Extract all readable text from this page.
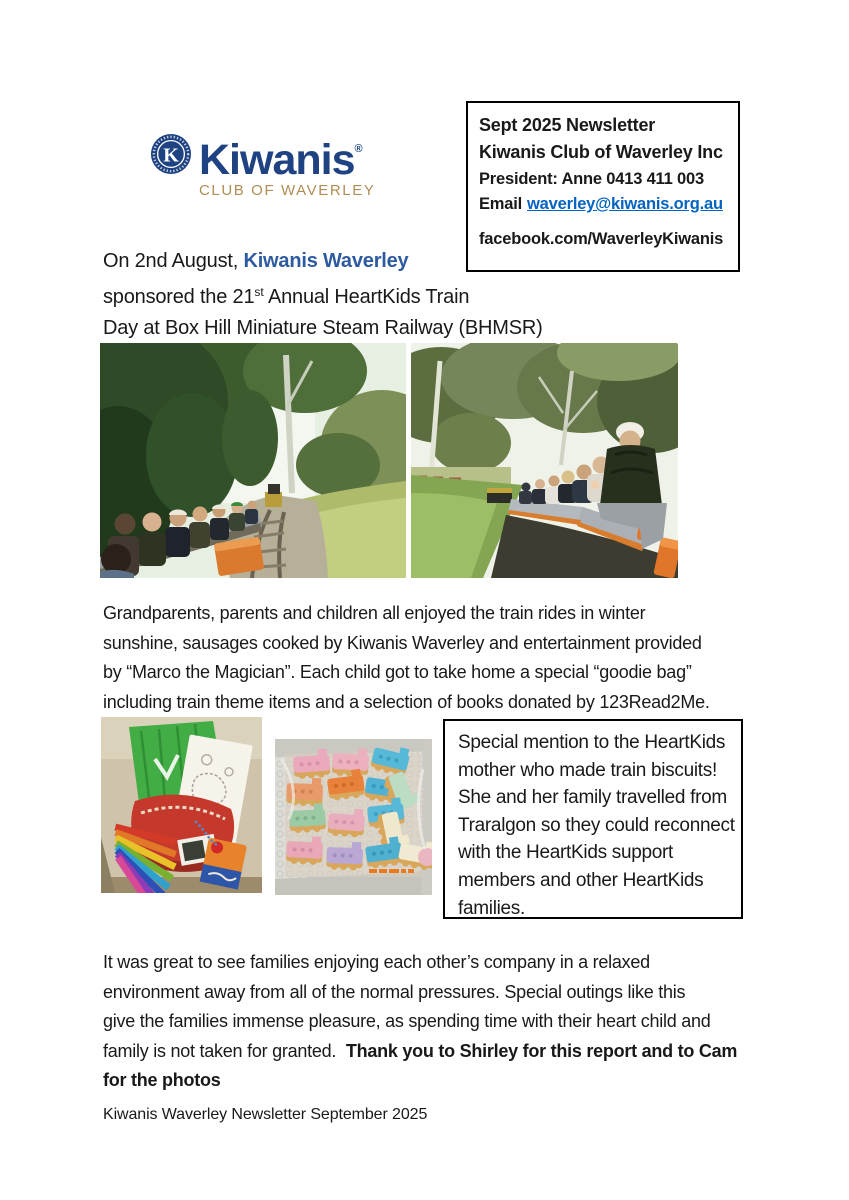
K Kiwanis®
CLUB OF WAVERLEY
Sept 2025 Newsletter
Kiwanis Club of Waverley Inc
President: Anne 0413 411 003
Email waverley@kiwanis.org.au
facebook.com/WaverleyKiwanis
On 2nd August, Kiwanis Waverley
sponsored the 21st Annual HeartKids Train
Day at Box Hill Miniature Steam Railway (BHMSR)
Grandparents, parents and children all enjoyed the train rides in winter
sunshine, sausages cooked by Kiwanis Waverley and entertainment provided
by “Marco the Magician”. Each child got to take home a special “goodie bag”
including train theme items and a selection of books donated by 123Read2Me.
Special mention to the HeartKids
mother who made train biscuits!
She and her family travelled from
Traralgon so they could reconnect
with the HeartKids support
members and other HeartKids
families.
It was great to see families enjoying each other’s company in a relaxed
environment away from all of the normal pressures. Special outings like this
give the families immense pleasure, as spending time with their heart child and
family is not taken for granted. Thank you to Shirley for this report and to Cam
for the photos
Kiwanis Waverley Newsletter September 2025
